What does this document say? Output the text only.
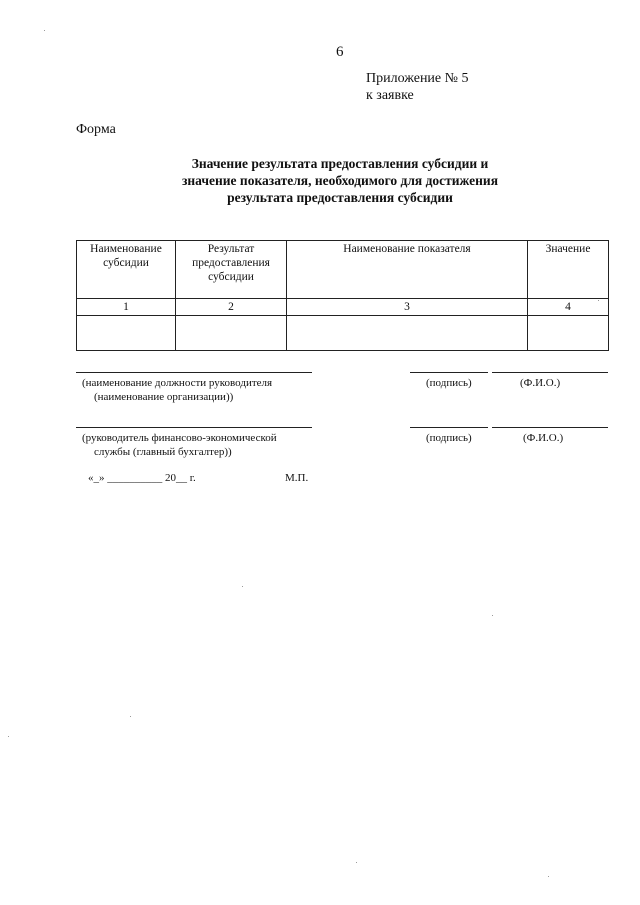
6
Приложение № 5
к заявке
Форма
Значение результата предоставления субсидии и
значение показателя, необходимого для достижения
результата предоставления субсидии
Наименование субсидии	Результат предоставления субсидии	Наименование показателя	Значение
1	2	3	4

(наименование должности руководителя
(наименование организации))
(подпись)	(Ф.И.О.)
(руководитель финансово-экономической
службы (главный бухгалтер))
(подпись)	(Ф.И.О.)
«_» __________ 20__ г.	М.П.
